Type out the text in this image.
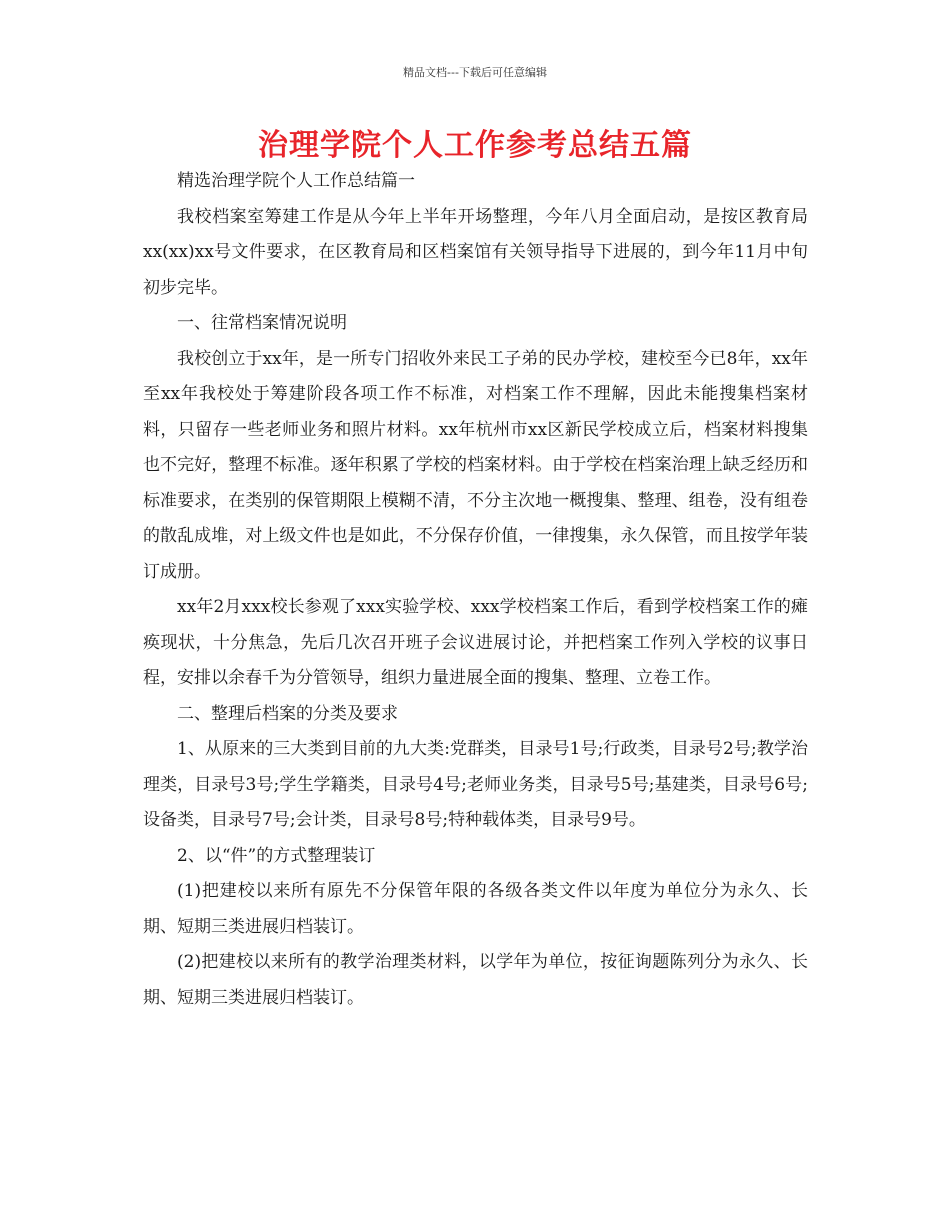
精品文档---下载后可任意编辑
治理学院个人工作参考总结五篇

精选治理学院个人工作总结篇一

我校档案室筹建工作是从今年上半年开场整理，今年八月全面启动，是按区教育局xx(xx)xx号文件要求，在区教育局和区档案馆有关领导指导下进展的，到今年11月中旬初步完毕。

一、往常档案情况说明

我校创立于xx年，是一所专门招收外来民工子弟的民办学校，建校至今已8年，xx年至xx年我校处于筹建阶段各项工作不标准，对档案工作不理解，因此未能搜集档案材料，只留存一些老师业务和照片材料。xx年杭州市xx区新民学校成立后，档案材料搜集也不完好，整理不标准。逐年积累了学校的档案材料。由于学校在档案治理上缺乏经历和标准要求，在类别的保管期限上模糊不清，不分主次地一概搜集、整理、组卷，没有组卷的散乱成堆，对上级文件也是如此，不分保存价值，一律搜集，永久保管，而且按学年装订成册。

xx年2月xxx校长参观了xxx实验学校、xxx学校档案工作后，看到学校档案工作的瘫痪现状，十分焦急，先后几次召开班子会议进展讨论，并把档案工作列入学校的议事日程，安排以余春千为分管领导，组织力量进展全面的搜集、整理、立卷工作。

二、整理后档案的分类及要求

1、从原来的三大类到目前的九大类:党群类，目录号1号;行政类，目录号2号;教学治理类，目录号3号;学生学籍类，目录号4号;老师业务类，目录号5号;基建类，目录号6号;设备类，目录号7号;会计类，目录号8号;特种载体类，目录号9号。

2、以“件”的方式整理装订

(1)把建校以来所有原先不分保管年限的各级各类文件以年度为单位分为永久、长期、短期三类进展归档装订。

(2)把建校以来所有的教学治理类材料，以学年为单位，按征询题陈列分为永久、长期、短期三类进展归档装订。
